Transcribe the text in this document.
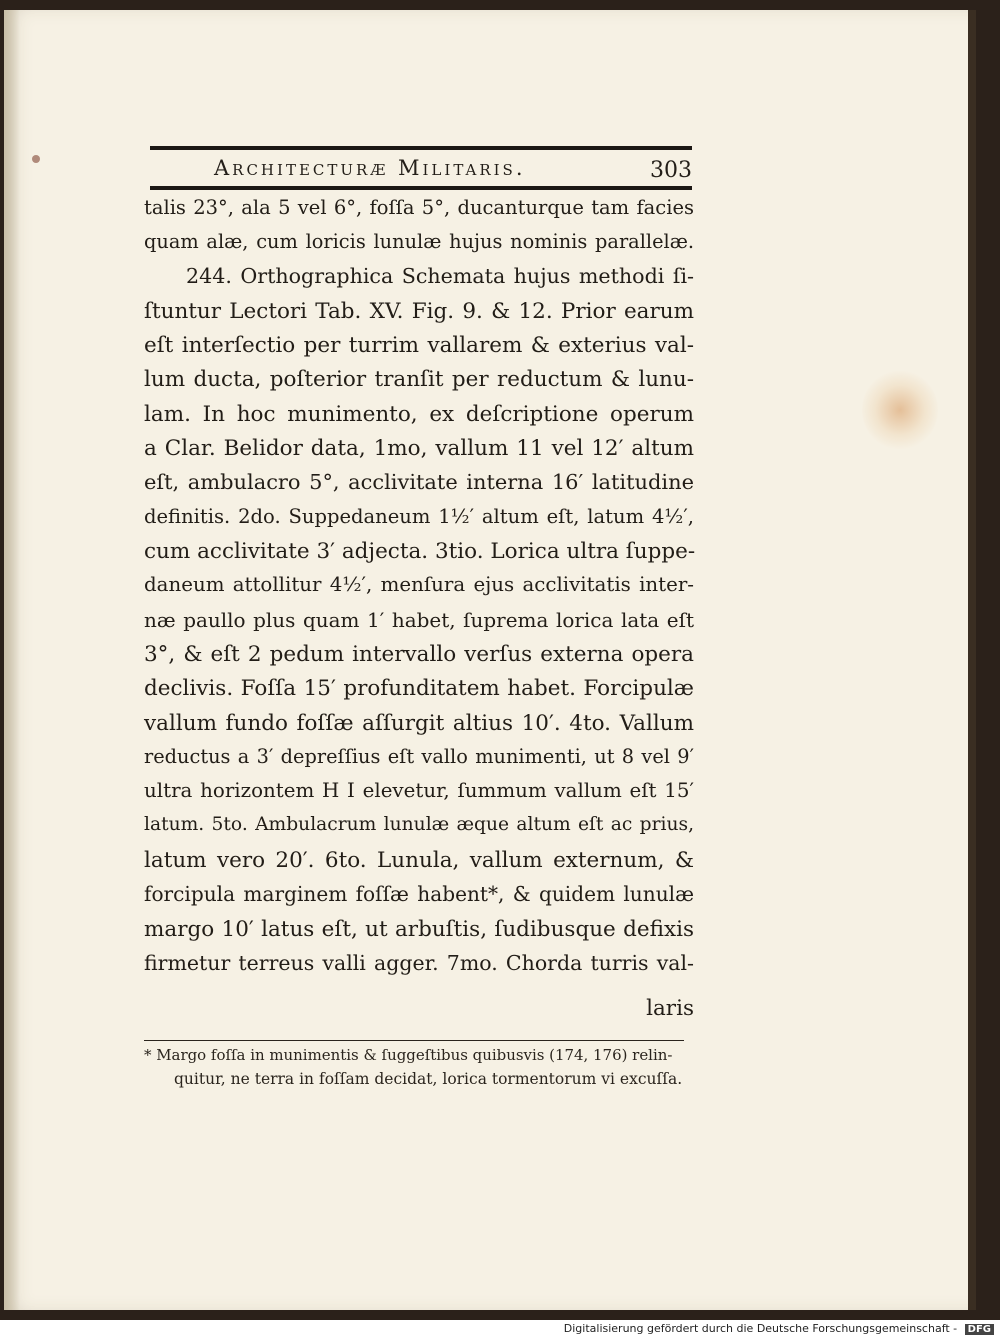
Architecturæ Militaris.	303
talis 23°, ala 5 vel 6°, foſſa 5°, ducanturque tam facies
quam alæ, cum loricis lunulæ hujus nominis parallelæ.
244. Orthographica Schemata hujus methodi ſi-
ſtuntur Lectori Tab. XV. Fig. 9. & 12. Prior earum
eſt interſectio per turrim vallarem & exterius val-
lum ducta, poſterior tranſit per reductum & lunu-
lam. In hoc munimento, ex deſcriptione operum
a Clar. Belidor data, 1mo, vallum 11 vel 12′ altum
eſt, ambulacro 5°, acclivitate interna 16′ latitudine
definitis. 2do. Suppedaneum 1½′ altum eſt, latum 4½′,
cum acclivitate 3′ adjecta. 3tio. Lorica ultra ſuppe-
daneum attollitur 4½′, menſura ejus acclivitatis inter-
næ paullo plus quam 1′ habet, ſuprema lorica lata eſt
3°, & eſt 2 pedum intervallo verſus externa opera
declivis. Foſſa 15′ profunditatem habet. Forcipulæ
vallum fundo foſſæ aſſurgit altius 10′. 4to. Vallum
reductus a 3′ depreſſius eſt vallo munimenti, ut 8 vel 9′
ultra horizontem H I elevetur, ſummum vallum eſt 15′
latum. 5to. Ambulacrum lunulæ æque altum eſt ac prius,
latum vero 20′. 6to. Lunula, vallum externum, &
forcipula marginem foſſæ habent*, & quidem lunulæ
margo 10′ latus eſt, ut arbuſtis, ſudibusque defixis
firmetur terreus valli agger. 7mo. Chorda turris val-
laris
* Margo foſſa in munimentis & ſuggeſtibus quibusvis (174, 176) relin-
quitur, ne terra in foſſam decidat, lorica tormentorum vi excuſſa.
Digitalisierung gefördert durch die Deutsche Forschungsgemeinschaft - DFG
